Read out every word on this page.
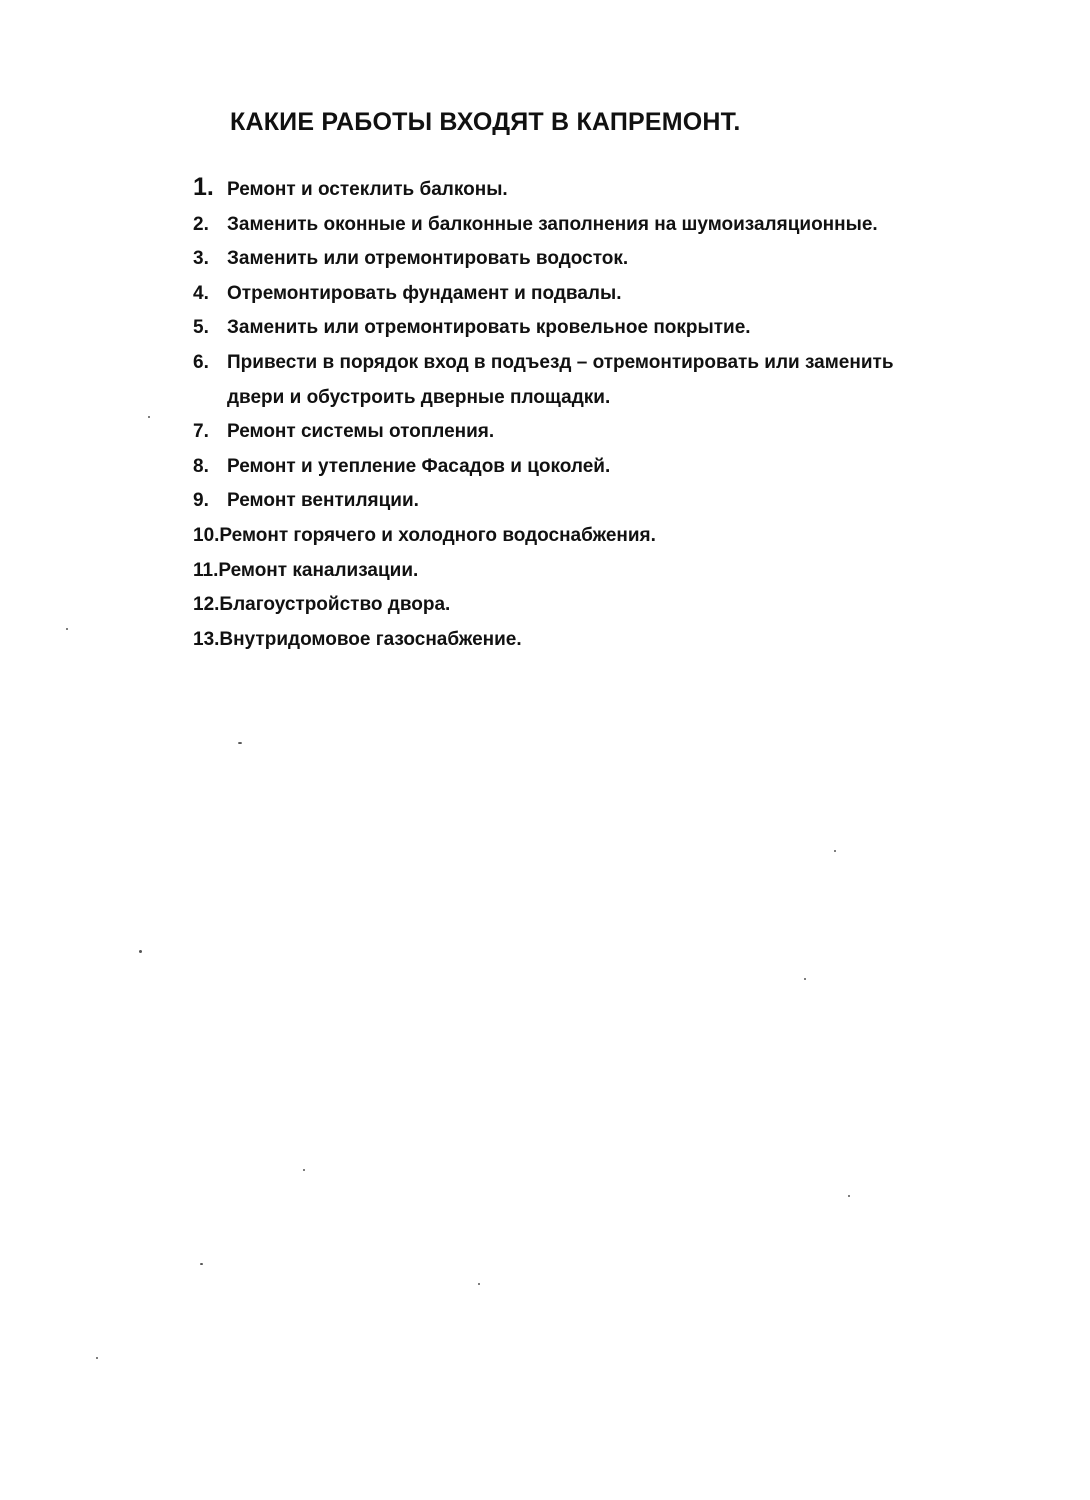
КАКИЕ РАБОТЫ ВХОДЯТ В КАПРЕМОНТ.
1. Ремонт и остеклить балконы.
2. Заменить оконные и балконные заполнения на шумоизаляционные.
3. Заменить или отремонтировать водосток.
4. Отремонтировать фундамент и подвалы.
5. Заменить или отремонтировать кровельное покрытие.
6. Привести в порядок вход в подъезд – отремонтировать или заменить
двери и обустроить дверные площадки.
7. Ремонт системы отопления.
8. Ремонт и утепление Фасадов и цоколей.
9. Ремонт вентиляции.
10.Ремонт горячего и холодного водоснабжения.
11.Ремонт канализации.
12.Благоустройство двора.
13.Внутридомовое газоснабжение.
